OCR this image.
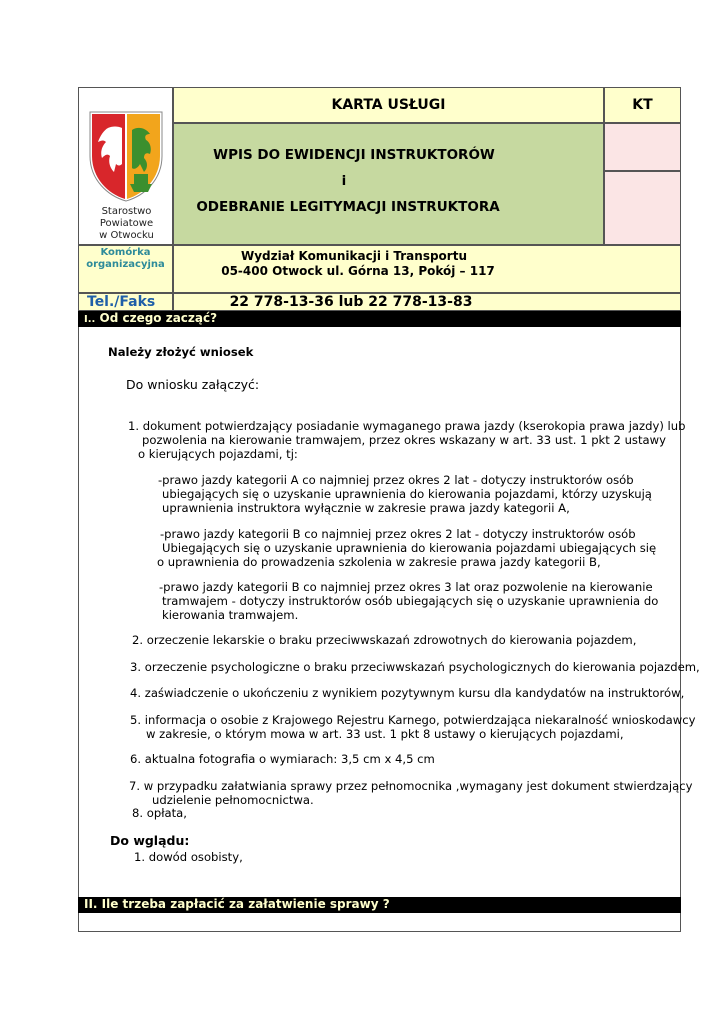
Starostwo
Powiatowe
w Otwocku
KARTA USŁUGI	KT
WPIS DO EWIDENCJI INSTRUKTORÓW
i
ODEBRANIE LEGITYMACJI INSTRUKTORA
Komórka
organizacyjna
Wydział Komunikacji i Transportu
05-400 Otwock ul. Górna 13, Pokój – 117
Tel./Faks	22 778-13-36 lub 22 778-13-83
I.. Od czego zacząć?
Należy złożyć wniosek
Do wniosku załączyć:
1. dokument potwierdzający posiadanie wymaganego prawa jazdy (kserokopia prawa jazdy) lub
pozwolenia na kierowanie tramwajem, przez okres wskazany w art. 33 ust. 1 pkt 2 ustawy
o kierujących pojazdami, tj:
-prawo jazdy kategorii A co najmniej przez okres 2 lat - dotyczy instruktorów osób
ubiegających się o uzyskanie uprawnienia do kierowania pojazdami, którzy uzyskują
uprawnienia instruktora wyłącznie w zakresie prawa jazdy kategorii A,
-prawo jazdy kategorii B co najmniej przez okres 2 lat - dotyczy instruktorów osób
Ubiegających się o uzyskanie uprawnienia do kierowania pojazdami ubiegających się
o uprawnienia do prowadzenia szkolenia w zakresie prawa jazdy kategorii B,
-prawo jazdy kategorii B co najmniej przez okres 3 lat oraz pozwolenie na kierowanie
tramwajem - dotyczy instruktorów osób ubiegających się o uzyskanie uprawnienia do
kierowania tramwajem.
2. orzeczenie lekarskie o braku przeciwwskazań zdrowotnych do kierowania pojazdem,
3. orzeczenie psychologiczne o braku przeciwwskazań psychologicznych do kierowania pojazdem,
4. zaświadczenie o ukończeniu z wynikiem pozytywnym kursu dla kandydatów na instruktorów,
5. informacja o osobie z Krajowego Rejestru Karnego, potwierdzająca niekaralność wnioskodawcy
w zakresie, o którym mowa w art. 33 ust. 1 pkt 8 ustawy o kierujących pojazdami,
6. aktualna fotografia o wymiarach: 3,5 cm x 4,5 cm
7. w przypadku załatwiania sprawy przez pełnomocnika ,wymagany jest dokument stwierdzający
udzielenie pełnomocnictwa.
8. opłata,
Do wglądu:
1. dowód osobisty,
II. Ile trzeba zapłacić za załatwienie sprawy ?
